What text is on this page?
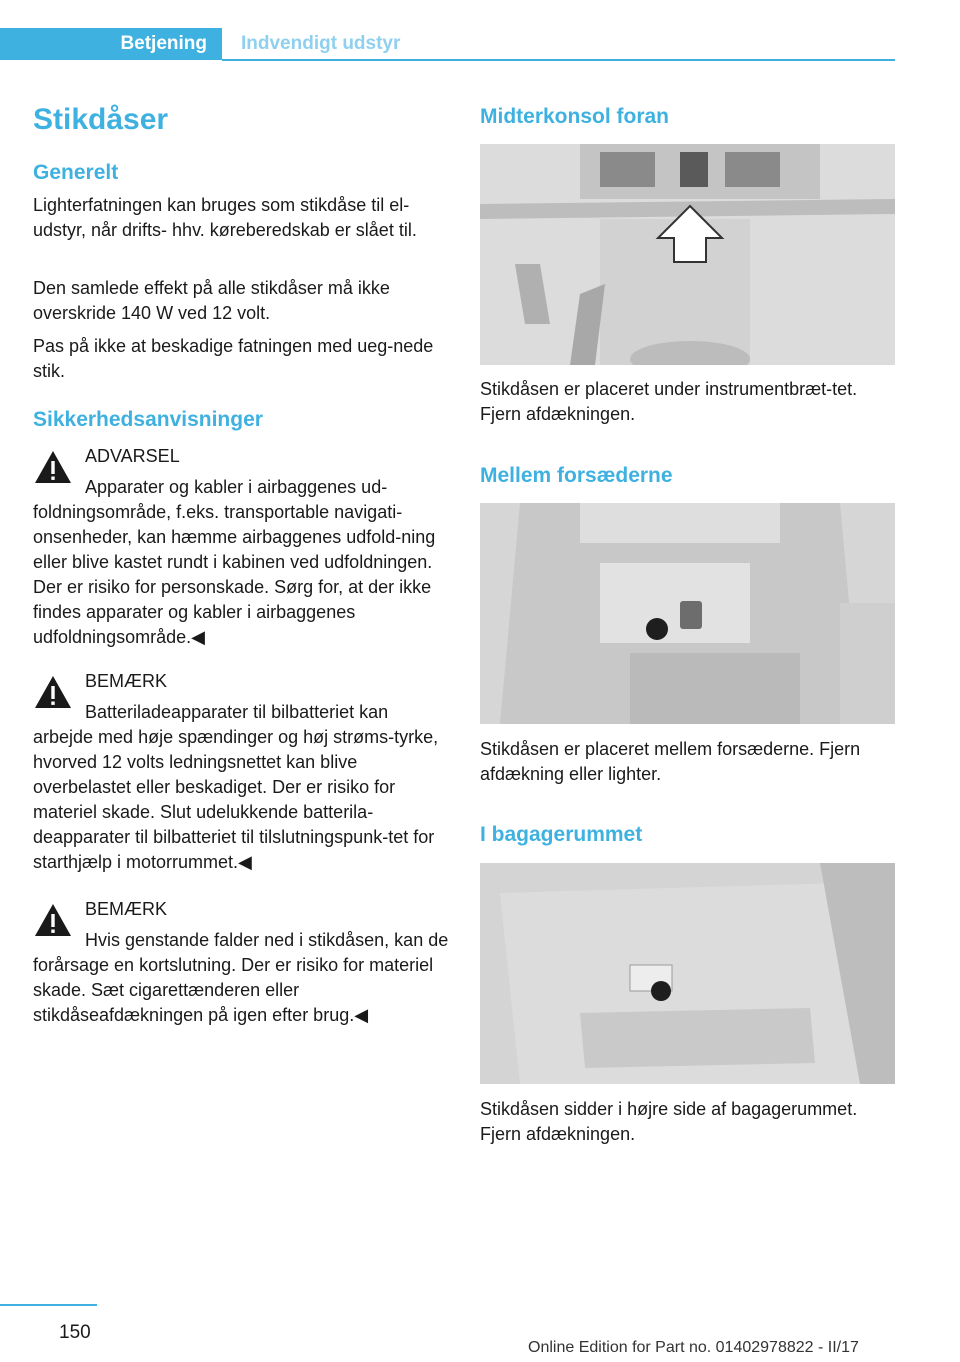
Betjening Indvendigt udstyr
Stikdåser
Generelt

Lighterfatningen kan bruges som stikdåse til el-udstyr, når drifts- hhv. køreberedskab er slået til.

Den samlede effekt på alle stikdåser må ikke overskride 140 W ved 12 volt.

Pas på ikke at beskadige fatningen med ueg-nede stik.

Sikkerhedsanvisninger

ADVARSEL

Apparater og kabler i airbaggenes ud-foldningsområde, f.eks. transportable navigati-onsenheder, kan hæmme airbaggenes udfold-ning eller blive kastet rundt i kabinen ved udfoldningen. Der er risiko for personskade. Sørg for, at der ikke findes apparater og kabler i airbaggenes udfoldningsområde.◀

BEMÆRK

Batteriladeapparater til bilbatteriet kan arbejde med høje spændinger og høj strøms-tyrke, hvorved 12 volts ledningsnettet kan blive overbelastet eller beskadiget. Der er risiko for materiel skade. Slut udelukkende batterila-deapparater til bilbatteriet til tilslutningspunk-tet for starthjælp i motorrummet.◀

BEMÆRK

Hvis genstande falder ned i stikdåsen, kan de forårsage en kortslutning. Der er risiko for materiel skade. Sæt cigarettænderen eller stikdåseafdækningen på igen efter brug.◀

Midterkonsol foran

Stikdåsen er placeret under instrumentbræt-tet. Fjern afdækningen.

Mellem forsæderne

Stikdåsen er placeret mellem forsæderne. Fjern afdækning eller lighter.

I bagagerummet

Stikdåsen sidder i højre side af bagagerummet. Fjern afdækningen.

150
Online Edition for Part no. 01402978822 - II/17
